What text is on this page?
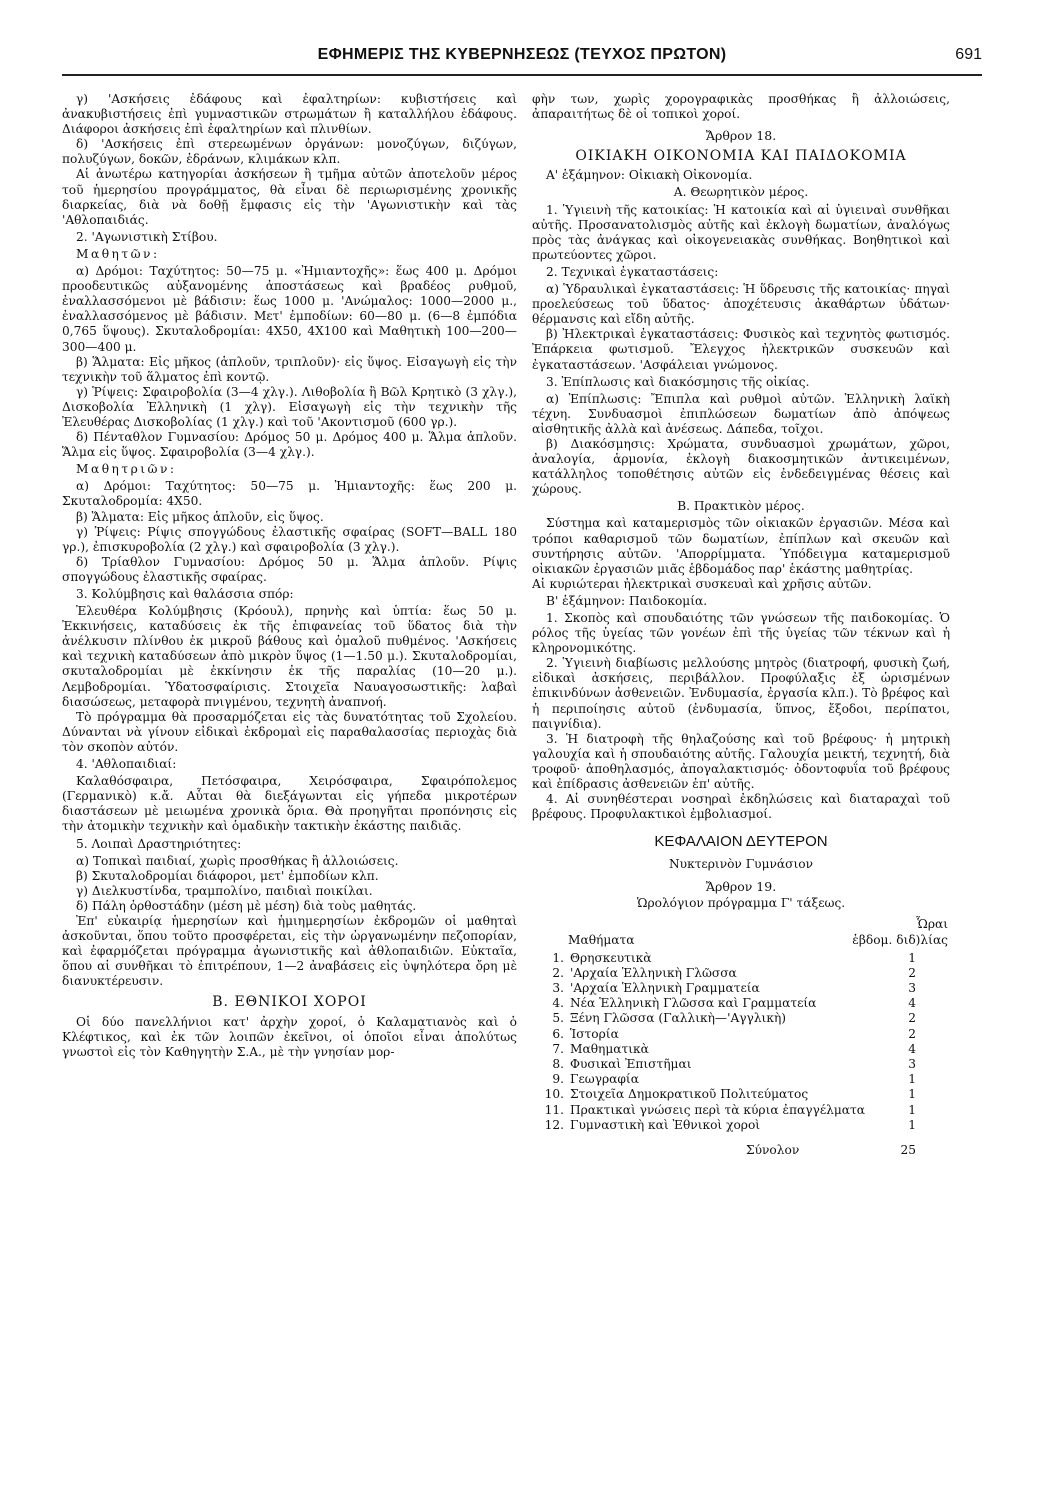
ΕΦΗΜΕΡΙΣ ΤΗΣ ΚΥΒΕΡΝΗΣΕΩΣ (ΤΕΥΧΟΣ ΠΡΩΤΟΝ)	691

γ) 'Ασκήσεις ἐδάφους καὶ ἐφαλτηρίων: κυβιστήσεις καὶ ἀνακυβιστήσεις ἐπὶ γυμναστικῶν στρωμάτων ἢ καταλλήλου ἐδάφους. Διάφοροι ἀσκήσεις ἐπὶ ἐφαλτηρίων καὶ πλινθίων.

δ) 'Ασκήσεις ἐπὶ στερεωμένων ὀργάνων: μονοζύγων, διζύγων, πολυζύγων, δοκῶν, ἑδράνων, κλιμάκων κλπ.

Αἱ ἀνωτέρω κατηγορίαι ἀσκήσεων ἢ τμῆμα αὐτῶν ἀποτελοῦν μέρος τοῦ ἡμερησίου προγράμματος, θὰ εἶναι δὲ περιωρισμένης χρονικῆς διαρκείας, διὰ νὰ δοθῇ ἔμφασις εἰς τὴν 'Αγωνιστικὴν καὶ τὰς 'Αθλοπαιδιάς.

2. 'Αγωνιστικὴ Στίβου.

Μαθητῶν:

α) Δρόμοι: Ταχύτητος: 50—75 μ. «Ἠμιαντοχῆς»: ἕως 400 μ. Δρόμοι προοδευτικῶς αὐξανομένης ἀποστάσεως καὶ βραδέος ρυθμοῦ, ἐναλλασσόμενοι μὲ βάδισιν: ἕως 1000 μ. 'Ανώμαλος: 1000—2000 μ., ἐναλλασσόμενος μὲ βάδισιν. Μετ' ἐμποδίων: 60—80 μ. (6—8 ἐμπόδια 0,765 ὕψους). Σκυταλοδρομίαι: 4Χ50, 4Χ100 καὶ Μαθητικὴ 100—200—300—400 μ.

β) Ἅλματα: Εἰς μῆκος (ἁπλοῦν, τριπλοῦν)· εἰς ὕψος. Εἰσαγωγὴ εἰς τὴν τεχνικὴν τοῦ ἅλματος ἐπὶ κοντῷ.

γ) Ῥίψεις: Σφαιροβολία (3—4 χλγ.). Λιθοβολία ἢ Βῶλ Κρητικὸ (3 χλγ.), Δισκοβολία Ἑλληνικὴ (1 χλγ). Εἰσαγωγὴ εἰς τὴν τεχνικὴν τῆς Ἐλευθέρας Δισκοβολίας (1 χλγ.) καὶ τοῦ 'Ακοντισμοῦ (600 γρ.).

δ) Πένταθλον Γυμνασίου: Δρόμος 50 μ. Δρόμος 400 μ. Ἅλμα ἁπλοῦν. Ἅλμα εἰς ὕψος. Σφαιροβολία (3—4 χλγ.).

Μαθητριῶν:

α) Δρόμοι: Ταχύτητος: 50—75 μ. Ἠμιαντοχῆς: ἕως 200 μ. Σκυταλοδρομία: 4Χ50.

β) Ἅλματα: Εἰς μῆκος ἁπλοῦν, εἰς ὕψος.

γ) Ῥίψεις: Ρίψις σπογγώδους ἐλαστικῆς σφαίρας (SOFT—BALL 180 γρ.), ἐπισκυροβολία (2 χλγ.) καὶ σφαιροβολία (3 χλγ.).

δ) Τρίαθλον Γυμνασίου: Δρόμος 50 μ. Ἅλμα ἁπλοῦν. Ρίψις σπογγώδους ἐλαστικῆς σφαίρας.

3. Κολύμβησις καὶ θαλάσσια σπόρ:

Ἐλευθέρα Κολύμβησις (Κρόουλ), πρηνὴς καὶ ὑπτία: ἕως 50 μ. Ἐκκινήσεις, καταδύσεις ἐκ τῆς ἐπιφανείας τοῦ ὕδατος διὰ τὴν ἀνέλκυσιν πλίνθου ἐκ μικροῦ βάθους καὶ ὁμαλοῦ πυθμένος. 'Ασκήσεις καὶ τεχνικὴ καταδύσεων ἀπὸ μικρὸν ὕψος (1—1.50 μ.). Σκυταλοδρομίαι, σκυταλοδρομίαι μὲ ἐκκίνησιν ἐκ τῆς παραλίας (10—20 μ.). Λεμβοδρομίαι. Ὑδατοσφαίρισις. Στοιχεῖα Ναυαγοσωστικῆς: λαβαὶ διασώσεως, μεταφορὰ πνιγμένου, τεχνητὴ ἀναπνοή.

Τὸ πρόγραμμα θὰ προσαρμόζεται εἰς τὰς δυνατότητας τοῦ Σχολείου. Δύνανται νὰ γίνουν εἰδικαὶ ἐκδρομαὶ εἰς παραθαλασσίας περιοχὰς διὰ τὸν σκοπὸν αὐτόν.

4. 'Αθλοπαιδιαί:

Καλαθόσφαιρα, Πετόσφαιρα, Χειρόσφαιρα, Σφαιρόπολεμος (Γερμανικὸ) κ.ἄ. Αὗται θὰ διεξάγωνται εἰς γήπεδα μικροτέρων διαστάσεων μὲ μειωμένα χρονικὰ ὅρια. Θὰ προηγῆται προπόνησις εἰς τὴν ἀτομικὴν τεχνικὴν καὶ ὁμαδικὴν τακτικὴν ἑκάστης παιδιᾶς.

5. Λοιπαὶ Δραστηριότητες:

α) Τοπικαὶ παιδιαί, χωρὶς προσθήκας ἢ ἀλλοιώσεις.

β) Σκυταλοδρομίαι διάφοροι, μετ' ἐμποδίων κλπ.

γ) Διελκυστίνδα, τραμπολίνο, παιδιαὶ ποικίλαι.

δ) Πάλη ὀρθοστάδην (μέση μὲ μέση) διὰ τοὺς μαθητάς.

Ἐπ' εὐκαιρίᾳ ἡμερησίων καὶ ἡμιημερησίων ἐκδρομῶν οἱ μαθηταὶ ἀσκοῦνται, ὅπου τοῦτο προσφέρεται, εἰς τὴν ὠργανωμένην πεζοπορίαν, καὶ ἐφαρμόζεται πρόγραμμα ἀγωνιστικῆς καὶ ἀθλοπαιδιῶν. Εὐκταῖα, ὅπου αἱ συνθῆκαι τὸ ἐπιτρέπουν, 1—2 ἀναβάσεις εἰς ὑψηλότερα ὄρη μὲ διανυκτέρευσιν.

Β. ΕΘΝΙΚΟΙ ΧΟΡΟΙ

Οἱ δύο πανελλήνιοι κατ' ἀρχὴν χοροί, ὁ Καλαματιανὸς καὶ ὁ Κλέφτικος, καὶ ἐκ τῶν λοιπῶν ἐκεῖνοι, οἱ ὁποῖοι εἶναι ἀπολύτως γνωστοὶ εἰς τὸν Καθηγητὴν Σ.Α., μὲ τὴν γνησίαν μορ-

φὴν των, χωρὶς χορογραφικὰς προσθήκας ἢ ἀλλοιώσεις, ἀπαραιτήτως δὲ οἱ τοπικοὶ χοροί.

Ἄρθρον 18.
ΟΙΚΙΑΚΗ ΟΙΚΟΝΟΜΙΑ ΚΑΙ ΠΑΙΔΟΚΟΜΙΑ

Α' ἑξάμηνον: Οἰκιακὴ Οἰκονομία.

Α. Θεωρητικὸν μέρος.

1. Ὑγιεινὴ τῆς κατοικίας: Ἡ κατοικία καὶ αἱ ὑγιειναὶ συνθῆκαι αὐτῆς. Προσανατολισμὸς αὐτῆς καὶ ἐκλογὴ δωματίων, ἀναλόγως πρὸς τὰς ἀνάγκας καὶ οἰκογενειακὰς συνθήκας. Βοηθητικοὶ καὶ πρωτεύοντες χῶροι.

2. Τεχνικαὶ ἐγκαταστάσεις:

α) Ὑδραυλικαὶ ἐγκαταστάσεις: Ἡ ὕδρευσις τῆς κατοικίας· πηγαὶ προελεύσεως τοῦ ὕδατος· ἀποχέτευσις ἀκαθάρτων ὑδάτων· θέρμανσις καὶ εἴδη αὐτῆς.

β) Ἠλεκτρικαὶ ἐγκαταστάσεις: Φυσικὸς καὶ τεχνητὸς φωτισμός. Ἐπάρκεια φωτισμοῦ. Ἔλεγχος ἠλεκτρικῶν συσκευῶν καὶ ἐγκαταστάσεων. 'Ασφάλειαι γνώμονος.

3. Ἐπίπλωσις καὶ διακόσμησις τῆς οἰκίας.

α) Ἐπίπλωσις: Ἔπιπλα καὶ ρυθμοὶ αὐτῶν. Ἑλληνικὴ λαϊκὴ τέχνη. Συνδυασμοὶ ἐπιπλώσεων δωματίων ἀπὸ ἀπόψεως αἰσθητικῆς ἀλλὰ καὶ ἀνέσεως. Δάπεδα, τοῖχοι.

β) Διακόσμησις: Χρώματα, συνδυασμοὶ χρωμάτων, χῶροι, ἀναλογία, ἁρμονία, ἐκλογὴ διακοσμητικῶν ἀντικειμένων, κατάλληλος τοποθέτησις αὐτῶν εἰς ἐνδεδειγμένας θέσεις καὶ χώρους.

Β. Πρακτικὸν μέρος.

Σύστημα καὶ καταμερισμὸς τῶν οἰκιακῶν ἐργασιῶν. Μέσα καὶ τρόποι καθαρισμοῦ τῶν δωματίων, ἐπίπλων καὶ σκευῶν καὶ συντήρησις αὐτῶν. 'Απορρίμματα. Ὑπόδειγμα καταμερισμοῦ οἰκιακῶν ἐργασιῶν μιᾶς ἑβδομάδος παρ' ἑκάστης μαθητρίας.

Αἱ κυριώτεραι ἠλεκτρικαὶ συσκευαὶ καὶ χρῆσις αὐτῶν.

Β' ἑξάμηνον: Παιδοκομία.

1. Σκοπὸς καὶ σπουδαιότης τῶν γνώσεων τῆς παιδοκομίας. Ὁ ρόλος τῆς ὑγείας τῶν γονέων ἐπὶ τῆς ὑγείας τῶν τέκνων καὶ ἡ κληρονομικότης.

2. Ὑγιεινὴ διαβίωσις μελλούσης μητρὸς (διατροφή, φυσικὴ ζωή, εἰδικαὶ ἀσκήσεις, περιβάλλον. Προφύλαξις ἐξ ὡρισμένων ἐπικινδύνων ἀσθενειῶν. Ἐνδυμασία, ἐργασία κλπ.). Τὸ βρέφος καὶ ἡ περιποίησις αὐτοῦ (ἐνδυμασία, ὕπνος, ἔξοδοι, περίπατοι, παιγνίδια).

3. Ἡ διατροφὴ τῆς θηλαζούσης καὶ τοῦ βρέφους· ἡ μητρικὴ γαλουχία καὶ ἡ σπουδαιότης αὐτῆς. Γαλουχία μεικτή, τεχνητή, διὰ τροφοῦ· ἀποθηλασμός, ἀπογαλακτισμός· ὀδοντοφυΐα τοῦ βρέφους καὶ ἐπίδρασις ἀσθενειῶν ἐπ' αὐτῆς.

4. Αἱ συνηθέστεραι νοσηραὶ ἐκδηλώσεις καὶ διαταραχαὶ τοῦ βρέφους. Προφυλακτικοὶ ἐμβολιασμοί.

ΚΕΦΑΛΑΙΟΝ ΔΕΥΤΕΡΟΝ
Νυκτερινὸν Γυμνάσιον
Ἄρθρον 19.
Ὡρολόγιον πρόγραμμα Γ' τάξεως.
Μαθήματα
Ὧραι
ἑβδομ. διδ)λίας
1. Θρησκευτικὰ	1
2. 'Αρχαία Ἑλληνικὴ Γλῶσσα	2
3. 'Αρχαία Ἑλληνικὴ Γραμματεία	3
4. Νέα Ἑλληνικὴ Γλῶσσα καὶ Γραμματεία	4
5. Ξένη Γλῶσσα (Γαλλικὴ—'Αγγλικὴ)	2
6. Ἱστορία	2
7. Μαθηματικὰ	4
8. Φυσικαὶ Ἐπιστῆμαι	3
9. Γεωγραφία	1
10. Στοιχεῖα Δημοκρατικοῦ Πολιτεύματος	1
11. Πρακτικαὶ γνώσεις περὶ τὰ κύρια ἐπαγγέλματα	1
12. Γυμναστικὴ καὶ Ἐθνικοὶ χοροὶ	1
Σύνολον	25
